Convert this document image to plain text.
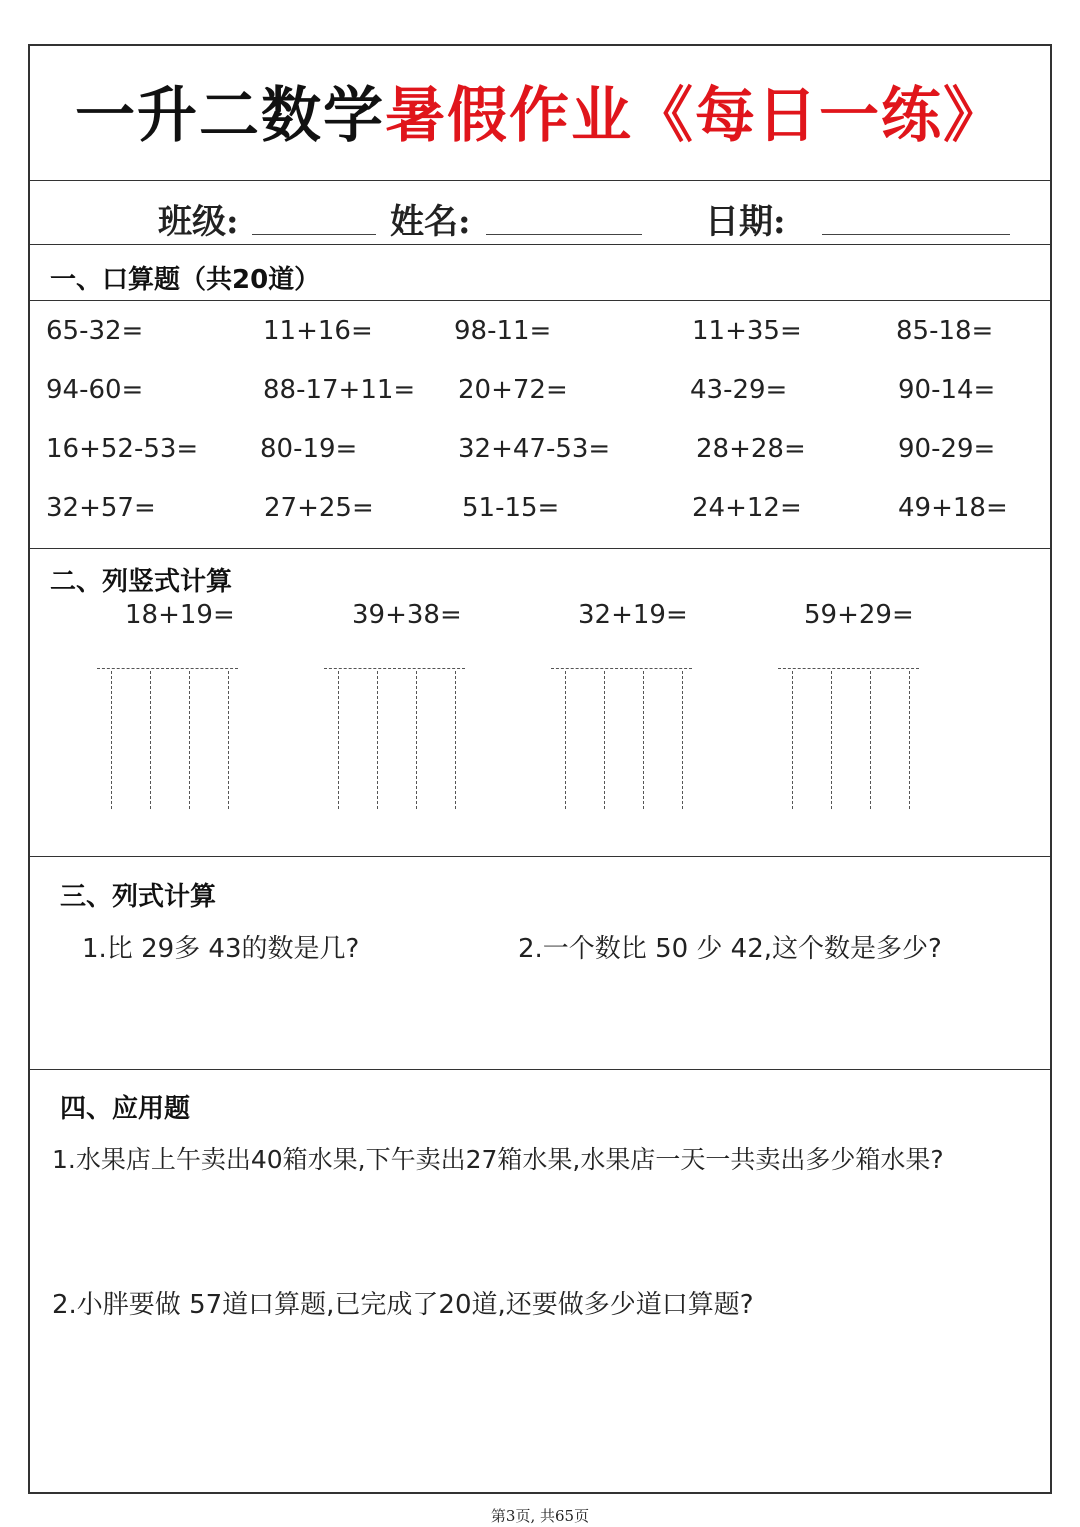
一升二数学暑假作业《每日一练》
班级:	姓名:	日期:
一、口算题（共20道）
65-32=	11+16=	98-11=	11+35=	85-18=
94-60=	88-17+11= 20+72=	43-29=	90-14=
16+52-53= 80-19=	32+47-53=	28+28=	90-29=
32+57=	27+25=	51-15=	24+12=	49+18=
二、列竖式计算
18+19=	39+38=	32+19=	59+29=
三、列式计算
1.比 29多 43的数是几?	2.一个数比 50 少 42,这个数是多少?
四、应用题
1.水果店上午卖出40箱水果,下午卖出27箱水果,水果店一天一共卖出多少箱水果?
2.小胖要做 57道口算题,已完成了20道,还要做多少道口算题?
第3页, 共65页
